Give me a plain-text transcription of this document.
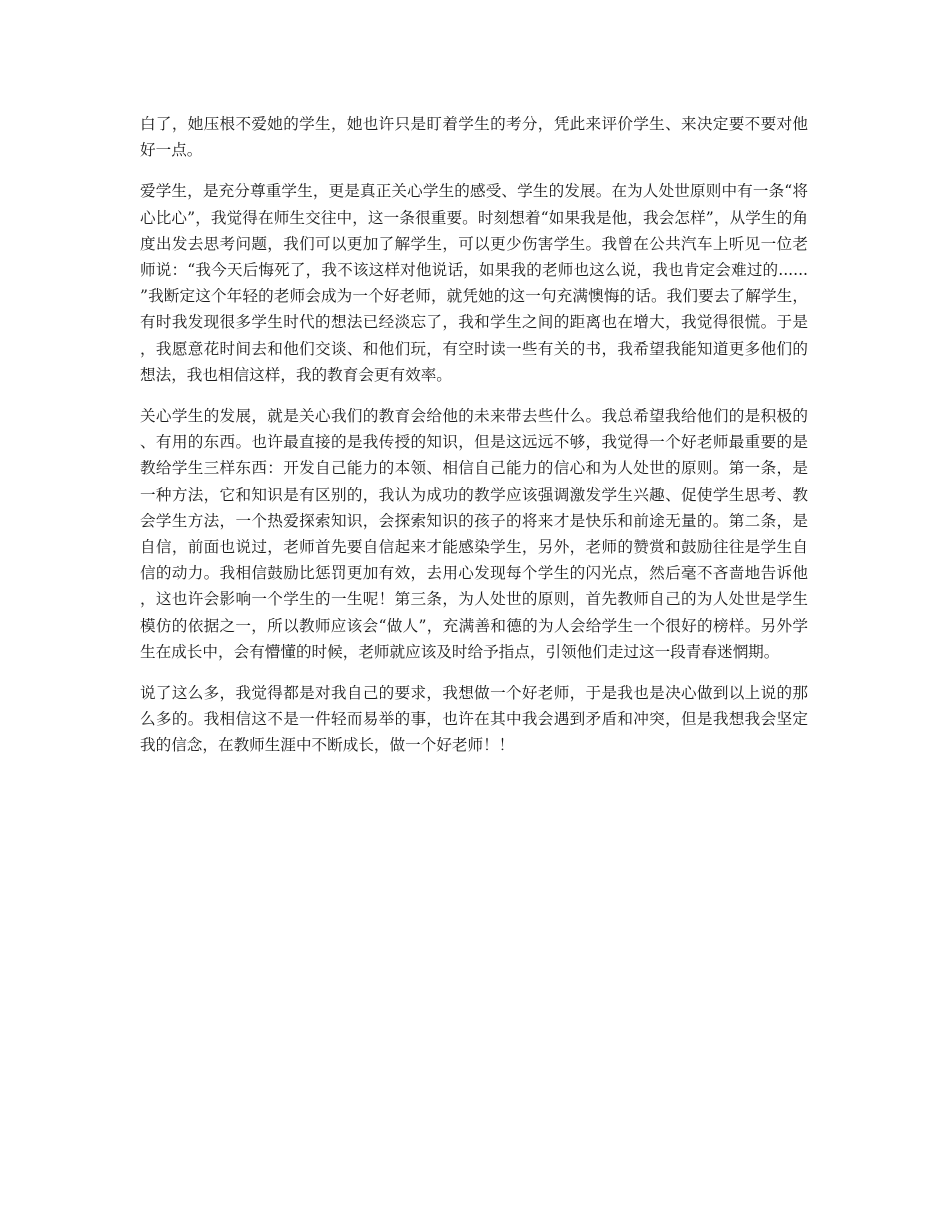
白了，她压根不爱她的学生，她也许只是盯着学生的考分，凭此来评价学生、来决定要不要对他好一点。

爱学生，是充分尊重学生，更是真正关心学生的感受、学生的发展。在为人处世原则中有一条“将心比心”，我觉得在师生交往中，这一条很重要。时刻想着“如果我是他，我会怎样”，从学生的角度出发去思考问题，我们可以更加了解学生，可以更少伤害学生。我曾在公共汽车上听见一位老师说：“我今天后悔死了，我不该这样对他说话，如果我的老师也这么说，我也肯定会难过的......”我断定这个年轻的老师会成为一个好老师，就凭她的这一句充满懊悔的话。我们要去了解学生，有时我发现很多学生时代的想法已经淡忘了，我和学生之间的距离也在增大，我觉得很慌。于是，我愿意花时间去和他们交谈、和他们玩，有空时读一些有关的书，我希望我能知道更多他们的想法，我也相信这样，我的教育会更有效率。

关心学生的发展，就是关心我们的教育会给他的未来带去些什么。我总希望我给他们的是积极的、有用的东西。也许最直接的是我传授的知识，但是这远远不够，我觉得一个好老师最重要的是教给学生三样东西：开发自己能力的本领、相信自己能力的信心和为人处世的原则。第一条，是一种方法，它和知识是有区别的，我认为成功的教学应该强调激发学生兴趣、促使学生思考、教会学生方法，一个热爱探索知识，会探索知识的孩子的将来才是快乐和前途无量的。第二条，是自信，前面也说过，老师首先要自信起来才能感染学生，另外，老师的赞赏和鼓励往往是学生自信的动力。我相信鼓励比惩罚更加有效，去用心发现每个学生的闪光点，然后毫不吝啬地告诉他，这也许会影响一个学生的一生呢！第三条，为人处世的原则，首先教师自己的为人处世是学生模仿的依据之一，所以教师应该会“做人”，充满善和德的为人会给学生一个很好的榜样。另外学生在成长中，会有懵懂的时候，老师就应该及时给予指点，引领他们走过这一段青春迷惘期。

说了这么多，我觉得都是对我自己的要求，我想做一个好老师，于是我也是决心做到以上说的那么多的。我相信这不是一件轻而易举的事，也许在其中我会遇到矛盾和冲突，但是我想我会坚定我的信念，在教师生涯中不断成长，做一个好老师！！
